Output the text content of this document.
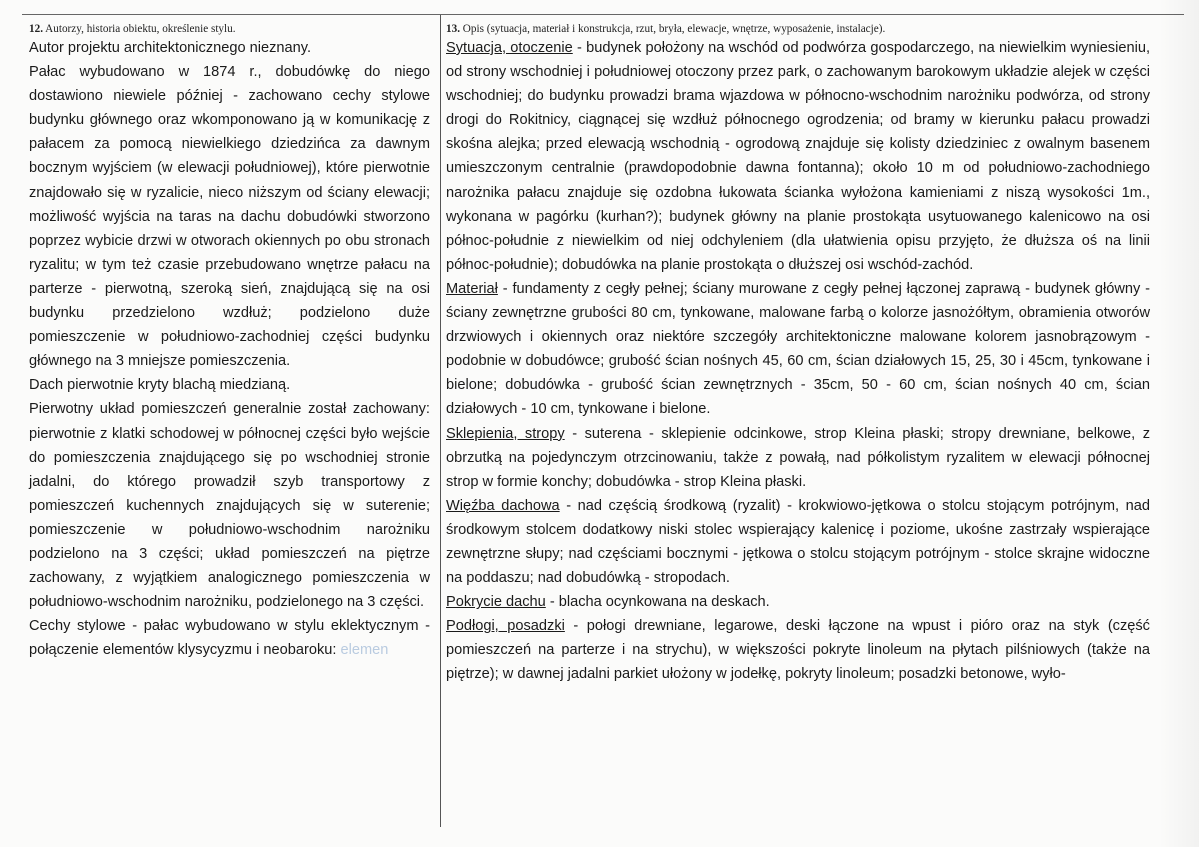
12. Autorzy, historia obiektu, określenie stylu.

Autor projektu architektonicznego nieznany.

Pałac wybudowano w 1874 r., dobudówkę do niego dostawiono niewiele później - zachowano cechy stylowe budynku głównego oraz wkomponowano ją w komunikację z pałacem za pomocą niewielkiego dziedzińca za dawnym bocznym wyjściem (w elewacji południowej), które pierwotnie znajdowało się w ryzalicie, nieco niższym od ściany elewacji; możliwość wyjścia na taras na dachu dobudówki stworzono poprzez wybicie drzwi w otworach okiennych po obu stronach ryzalitu; w tym też czasie przebudowano wnętrze pałacu na parterze - pierwotną, szeroką sień, znajdującą się na osi budynku przedzielono wzdłuż; podzielono duże pomieszczenie w południowo-zachodniej części budynku głównego na 3 mniejsze pomieszczenia.

Dach pierwotnie kryty blachą miedzianą.

Pierwotny układ pomieszczeń generalnie został zachowany: pierwotnie z klatki schodowej w północnej części było wejście do pomieszczenia znajdującego się po wschodniej stronie jadalni, do którego prowadził szyb transportowy z pomieszczeń kuchennych znajdujących się w suterenie; pomieszczenie w południowo-wschodnim narożniku podzielono na 3 części; układ pomieszczeń na piętrze zachowany, z wyjątkiem analogicznego pomieszczenia w południowo-wschodnim narożniku, podzielonego na 3 części.

Cechy stylowe - pałac wybudowano w stylu eklektycznym - połączenie elementów klysycyzmu i neobaroku: elemen

13. Opis (sytuacja, materiał i konstrukcja, rzut, bryła, elewacje, wnętrze, wyposażenie, instalacje).

Sytuacja, otoczenie - budynek położony na wschód od podwórza gospodarczego, na niewielkim wyniesieniu, od strony wschodniej i południowej otoczony przez park, o zachowanym barokowym układzie alejek w części wschodniej; do budynku prowadzi brama wjazdowa w północno-wschodnim narożniku podwórza, od strony drogi do Rokitnicy, ciągnącej się wzdłuż północnego ogrodzenia; od bramy w kierunku pałacu prowadzi skośna alejka; przed elewacją wschodnią - ogrodową znajduje się kolisty dziedziniec z owalnym basenem umieszczonym centralnie (prawdopodobnie dawna fontanna); około 10 m od południowo-zachodniego narożnika pałacu znajduje się ozdobna łukowata ścianka wyłożona kamieniami z niszą wysokości 1m., wykonana w pagórku (kurhan?); budynek główny na planie prostokąta usytuowanego kalenicowo na osi północ-południe z niewielkim od niej odchyleniem (dla ułatwienia opisu przyjęto, że dłuższa oś na linii północ-południe); dobudówka na planie prostokąta o dłuższej osi wschód-zachód.

Materiał - fundamenty z cegły pełnej; ściany murowane z cegły pełnej łączonej zaprawą - budynek główny - ściany zewnętrzne grubości 80 cm, tynkowane, malowane farbą o kolorze jasnożółtym, obramienia otworów drzwiowych i okiennych oraz niektóre szczegóły architektoniczne malowane kolorem jasnobrązowym - podobnie w dobudówce; grubość ścian nośnych 45, 60 cm, ścian działowych 15, 25, 30 i 45cm, tynkowane i bielone; dobudówka - grubość ścian zewnętrznych - 35cm, 50 - 60 cm, ścian nośnych 40 cm, ścian działowych - 10 cm, tynkowane i bielone.

Sklepienia, stropy - suterena - sklepienie odcinkowe, strop Kleina płaski; stropy drewniane, belkowe, z obrzutką na pojedynczym otrzcinowaniu, także z powałą, nad półkolistym ryzalitem w elewacji północnej strop w formie konchy; dobudówka - strop Kleina płaski.

Więźba dachowa - nad częścią środkową (ryzalit) - krokwiowo-jętkowa o stolcu stojącym potrójnym, nad środkowym stolcem dodatkowy niski stolec wspierający kalenicę i poziome, ukośne zastrzały wspierające zewnętrzne słupy; nad częściami bocznymi - jętkowa o stolcu stojącym potrójnym - stolce skrajne widoczne na poddaszu; nad dobudówką - stropodach.

Pokrycie dachu - blacha ocynkowana na deskach.

Podłogi, posadzki - połogi drewniane, legarowe, deski łączone na wpust i pióro oraz na styk (część pomieszczeń na parterze i na strychu), w większości pokryte linoleum na płytach pilśniowych (także na piętrze); w dawnej jadalni parkiet ułożony w jodełkę, pokryty linoleum; posadzki betonowe, wyło-
